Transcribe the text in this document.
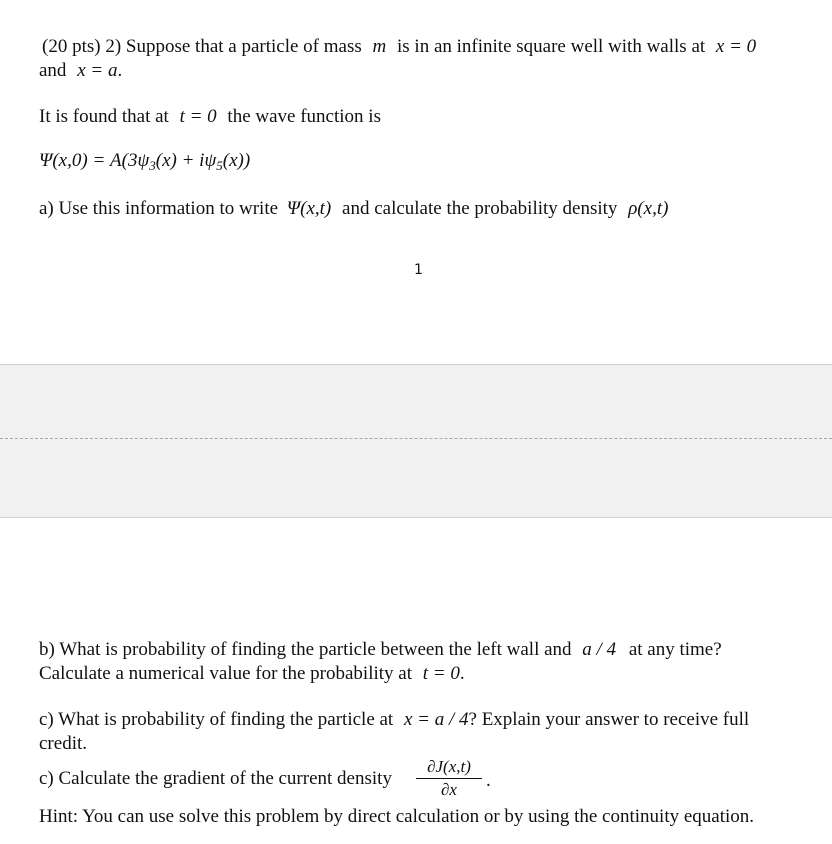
(20 pts) 2) Suppose that a particle of mass m is in an infinite square well with walls at x = 0
and x = a.
It is found that at t = 0 the wave function is
$\Psi(x,0) = A(3\psi_3(x) + i\psi_5(x))$
a) Use this information to write Ψ(x,t) and calculate the probability density ρ(x,t)
1
b) What is probability of finding the particle between the left wall and a / 4 at any time?
Calculate a numerical value for the probability at t = 0.
c) What is probability of finding the particle at x = a / 4? Explain your answer to receive full
credit.
c) Calculate the gradient of the current density
∂J(x,t)
∂x	.
Hint: You can use solve this problem by direct calculation or by using the continuity equation.
